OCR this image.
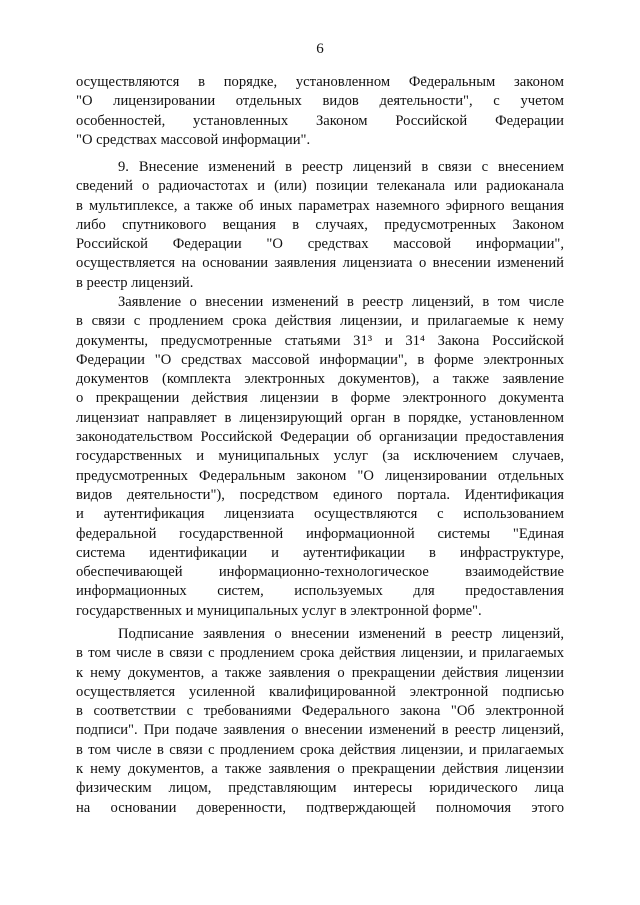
6
осуществляются в порядке, установленном Федеральным законом
"О лицензировании отдельных видов деятельности", с учетом
особенностей, установленных Законом Российской Федерации
"О средствах массовой информации".
9. Внесение изменений в реестр лицензий в связи с внесением
сведений о радиочастотах и (или) позиции телеканала или радиоканала
в мультиплексе, а также об иных параметрах наземного эфирного вещания
либо спутникового вещания в случаях, предусмотренных Законом
Российской Федерации "О средствах массовой информации",
осуществляется на основании заявления лицензиата о внесении изменений
в реестр лицензий.
Заявление о внесении изменений в реестр лицензий, в том числе
в связи с продлением срока действия лицензии, и прилагаемые к нему
документы, предусмотренные статьями 31³ и 31⁴ Закона Российской
Федерации "О средствах массовой информации", в форме электронных
документов (комплекта электронных документов), а также заявление
о прекращении действия лицензии в форме электронного документа
лицензиат направляет в лицензирующий орган в порядке, установленном
законодательством Российской Федерации об организации предоставления
государственных и муниципальных услуг (за исключением случаев,
предусмотренных Федеральным законом "О лицензировании отдельных
видов деятельности"), посредством единого портала. Идентификация
и аутентификация лицензиата осуществляются с использованием
федеральной государственной информационной системы "Единая
система идентификации и аутентификации в инфраструктуре,
обеспечивающей информационно-технологическое взаимодействие
информационных систем, используемых для предоставления
государственных и муниципальных услуг в электронной форме".
Подписание заявления о внесении изменений в реестр лицензий,
в том числе в связи с продлением срока действия лицензии, и прилагаемых
к нему документов, а также заявления о прекращении действия лицензии
осуществляется усиленной квалифицированной электронной подписью
в соответствии с требованиями Федерального закона "Об электронной
подписи". При подаче заявления о внесении изменений в реестр лицензий,
в том числе в связи с продлением срока действия лицензии, и прилагаемых
к нему документов, а также заявления о прекращении действия лицензии
физическим лицом, представляющим интересы юридического лица
на основании доверенности, подтверждающей полномочия этого
